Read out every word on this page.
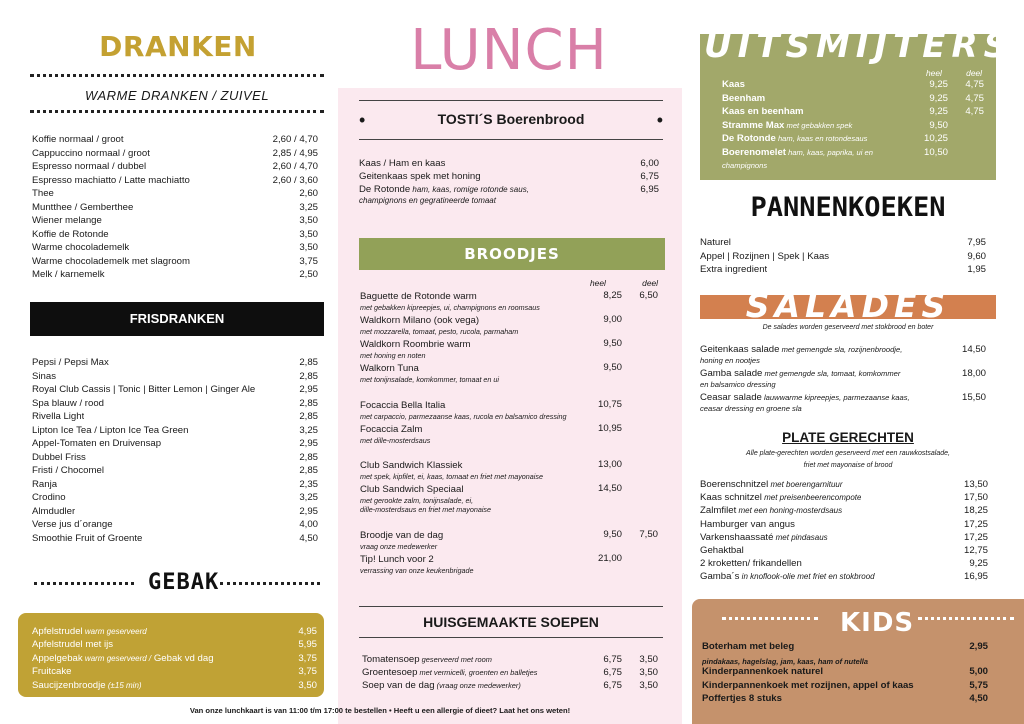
DRANKEN
WARME DRANKEN / ZUIVEL
Koffie normaal / groot	2,60 / 4,70
Cappuccino normaal / groot	2,85 / 4,95
Espresso normaal / dubbel	2,60 / 4,70
Espresso machiatto / Latte machiatto	2,60 / 3,60
Thee	2,60
Muntthee / Gemberthee	3,25
Wiener melange	3,50
Koffie de Rotonde	3,50
Warme chocolademelk	3,50
Warme chocolademelk met slagroom	3,75
Melk / karnemelk	2,50
FRISDRANKEN
Pepsi / Pepsi Max	2,85
Sinas	2,85
Royal Club Cassis | Tonic | Bitter Lemon | Ginger Ale	2,95
Spa blauw / rood	2,85
Rivella Light	2,85
Lipton Ice Tea / Lipton Ice Tea Green	3,25
Appel-Tomaten en Druivensap	2,95
Dubbel Friss	2,85
Fristi / Chocomel	2,85
Ranja	2,35
Crodino	3,25
Almdudler	2,95
Verse jus d´orange	4,00
Smoothie Fruit of Groente	4,50
GEBAK
Apfelstrudel warm geserveerd	4,95
Apfelstrudel met ijs	5,95
Appelgebak warm geserveerd / Gebak vd dag	3,75
Fruitcake	3,75
Saucijzenbroodje (±15 min)	3,50
LUNCH
•	TOSTI´S Boerenbrood	•
Kaas / Ham en kaas	6,00
Geitenkaas spek met honing	6,75
De Rotonde ham, kaas, romige rotonde saus,	6,95
champignons en gegratineerde tomaat
BROODJES
heel	deel
Baguette de Rotonde warm	8,25	6,50
met gebakken kipreepjes, ui, champignons en roomsaus
Waldkorn Milano (ook vega)	9,00
met mozzarella, tomaat, pesto, rucola, parmaham
Waldkorn Roombrie warm	9,50
met honing en noten
Walkorn Tuna	9,50
met tonijnsalade, komkommer, tomaat en ui
Focaccia Bella Italia	10,75
met carpaccio, parmezaanse kaas, rucola en balsamico dressing
Focaccia Zalm	10,95
met dille-mosterdsaus
Club Sandwich Klassiek	13,00
met spek, kipfilet, ei, kaas, tomaat en friet met mayonaise
Club Sandwich Speciaal	14,50
met gerookte zalm, tonijnsalade, ei,
dille-mosterdsaus en friet met mayonaise
Broodje van de dag	9,50	7,50
vraag onze medewerker
Tip! Lunch voor 2	21,00
verrassing van onze keukenbrigade
HUISGEMAAKTE SOEPEN
Tomatensoep geserveerd met room	6,75	3,50
Groentesoep met vermicelli, groenten en balletjes	6,75	3,50
Soep van de dag (vraag onze medewerker)	6,75	3,50
Van onze lunchkaart is van 11:00 t/m 17:00 te bestellen • Heeft u een allergie of dieet? Laat het ons weten!
Kaas	9,25	4,75
Beenham	9,25	4,75
Kaas en beenham	9,25	4,75
Stramme Max met gebakken spek	9,50
De Rotonde ham, kaas en rotondesaus	10,25
Boerenomelet ham, kaas, paprika, ui en	10,50
champignons
UITSMIJTERS
heel	deel
PANNENKOEKEN
Naturel	7,95
Appel | Rozijnen | Spek | Kaas	9,60
Extra ingredient	1,95
SALADES
De salades worden geserveerd met stokbrood en boter
Geitenkaas salade met gemengde sla, rozijnenbroodje,
honing en nootjes
14,50
Gamba salade met gemengde sla, tomaat, komkommer
en balsamico dressing
18,00
Ceasar salade lauwwarme kipreepjes, parmezaanse kaas,
ceasar dressing en groene sla
15,50
PLATE GERECHTEN
Alle plate-gerechten worden geserveerd met een rauwkostsalade,
friet met mayonaise of brood
Boerenschnitzel met boerengarnituur	13,50
Kaas schnitzel met preisenbeerencompote	17,50
Zalmfilet met een honing-mosterdsaus	18,25
Hamburger van angus	17,25
Varkenshaassaté met pindasaus	17,25
Gehaktbal	12,75
2 kroketten/ frikandellen	9,25
Gamba´s in knoflook-olie met friet en stokbrood	16,95
KIDS
Boterham met beleg	2,95
pindakaas, hagelslag, jam, kaas, ham of nutella
Kinderpannenkoek naturel	5,00
Kinderpannenkoek met rozijnen, appel of kaas	5,75
Poffertjes 8 stuks	4,50
